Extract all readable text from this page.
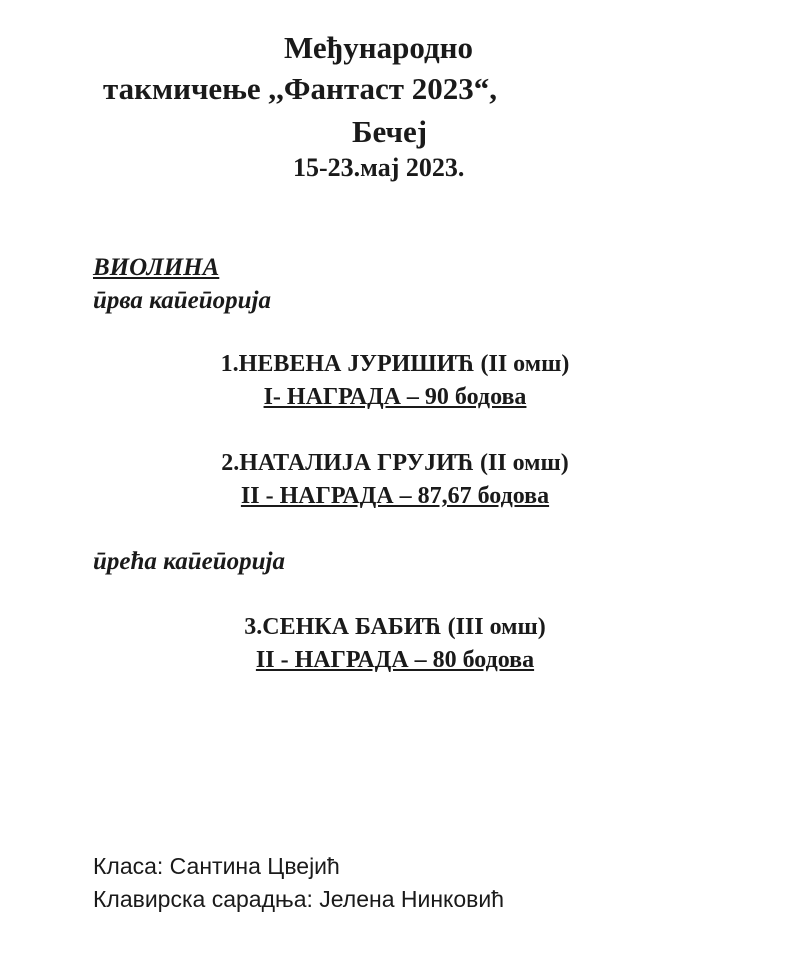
Међународно
такмичење ,,Фантаст 2023“,
Бечеј
15-23.мај 2023.
ВИОЛИНА
ӣрва каӣеӣорија
1.НЕВЕНА ЈУРИШИЋ (II омш)
I- НАГРАДА – 90 бодова
2.НАТАЛИЈА ГРУЈИЋ (II омш)
II - НАГРАДА – 87,67 бодова
ӣрећа каӣеӣорија
3.СЕНКА БАБИЋ (III омш)
II - НАГРАДА – 80 бодова
Класа: Сантина Цвејић
Клавирска сарадња: Јелена Нинковић
